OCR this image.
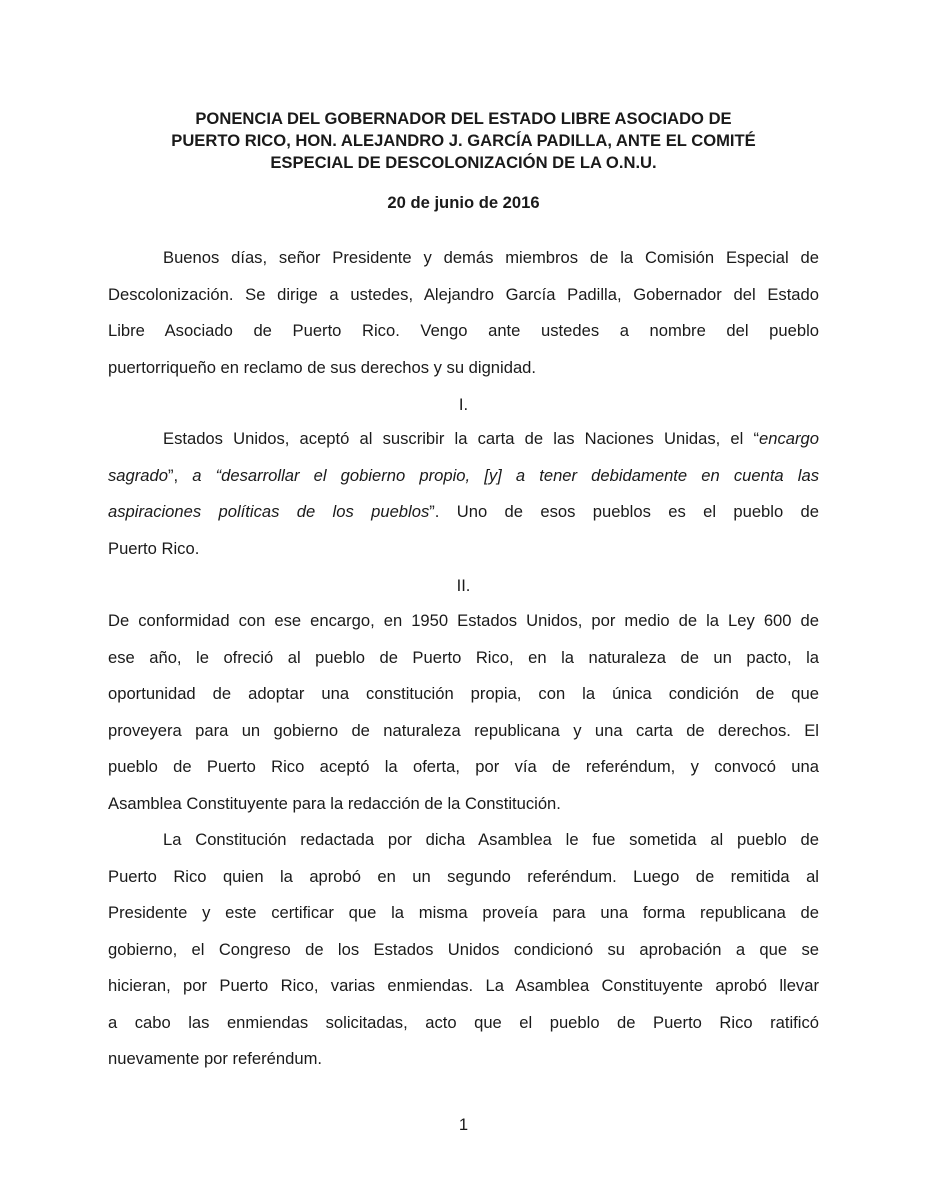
PONENCIA DEL GOBERNADOR DEL ESTADO LIBRE ASOCIADO DE
PUERTO RICO, HON. ALEJANDRO J. GARCÍA PADILLA, ANTE EL COMITÉ
ESPECIAL DE DESCOLONIZACIÓN DE LA O.N.U.

20 de junio de 2016

Buenos días, señor Presidente y demás miembros de la Comisión Especial de
Descolonización. Se dirige a ustedes, Alejandro García Padilla, Gobernador del Estado
Libre Asociado de Puerto Rico. Vengo ante ustedes a nombre del pueblo
puertorriqueño en reclamo de sus derechos y su dignidad.

I.

Estados Unidos, aceptó al suscribir la carta de las Naciones Unidas, el “encargo
sagrado”, a “desarrollar el gobierno propio, [y] a tener debidamente en cuenta las
aspiraciones políticas de los pueblos”. Uno de esos pueblos es el pueblo de
Puerto Rico.

II.

De conformidad con ese encargo, en 1950 Estados Unidos, por medio de la Ley 600 de
ese año, le ofreció al pueblo de Puerto Rico, en la naturaleza de un pacto, la
oportunidad de adoptar una constitución propia, con la única condición de que
proveyera para un gobierno de naturaleza republicana y una carta de derechos. El
pueblo de Puerto Rico aceptó la oferta, por vía de referéndum, y convocó una
Asamblea Constituyente para la redacción de la Constitución.
La Constitución redactada por dicha Asamblea le fue sometida al pueblo de
Puerto Rico quien la aprobó en un segundo referéndum. Luego de remitida al
Presidente y este certificar que la misma proveía para una forma republicana de
gobierno, el Congreso de los Estados Unidos condicionó su aprobación a que se
hicieran, por Puerto Rico, varias enmiendas. La Asamblea Constituyente aprobó llevar
a cabo las enmiendas solicitadas, acto que el pueblo de Puerto Rico ratificó
nuevamente por referéndum.
1
